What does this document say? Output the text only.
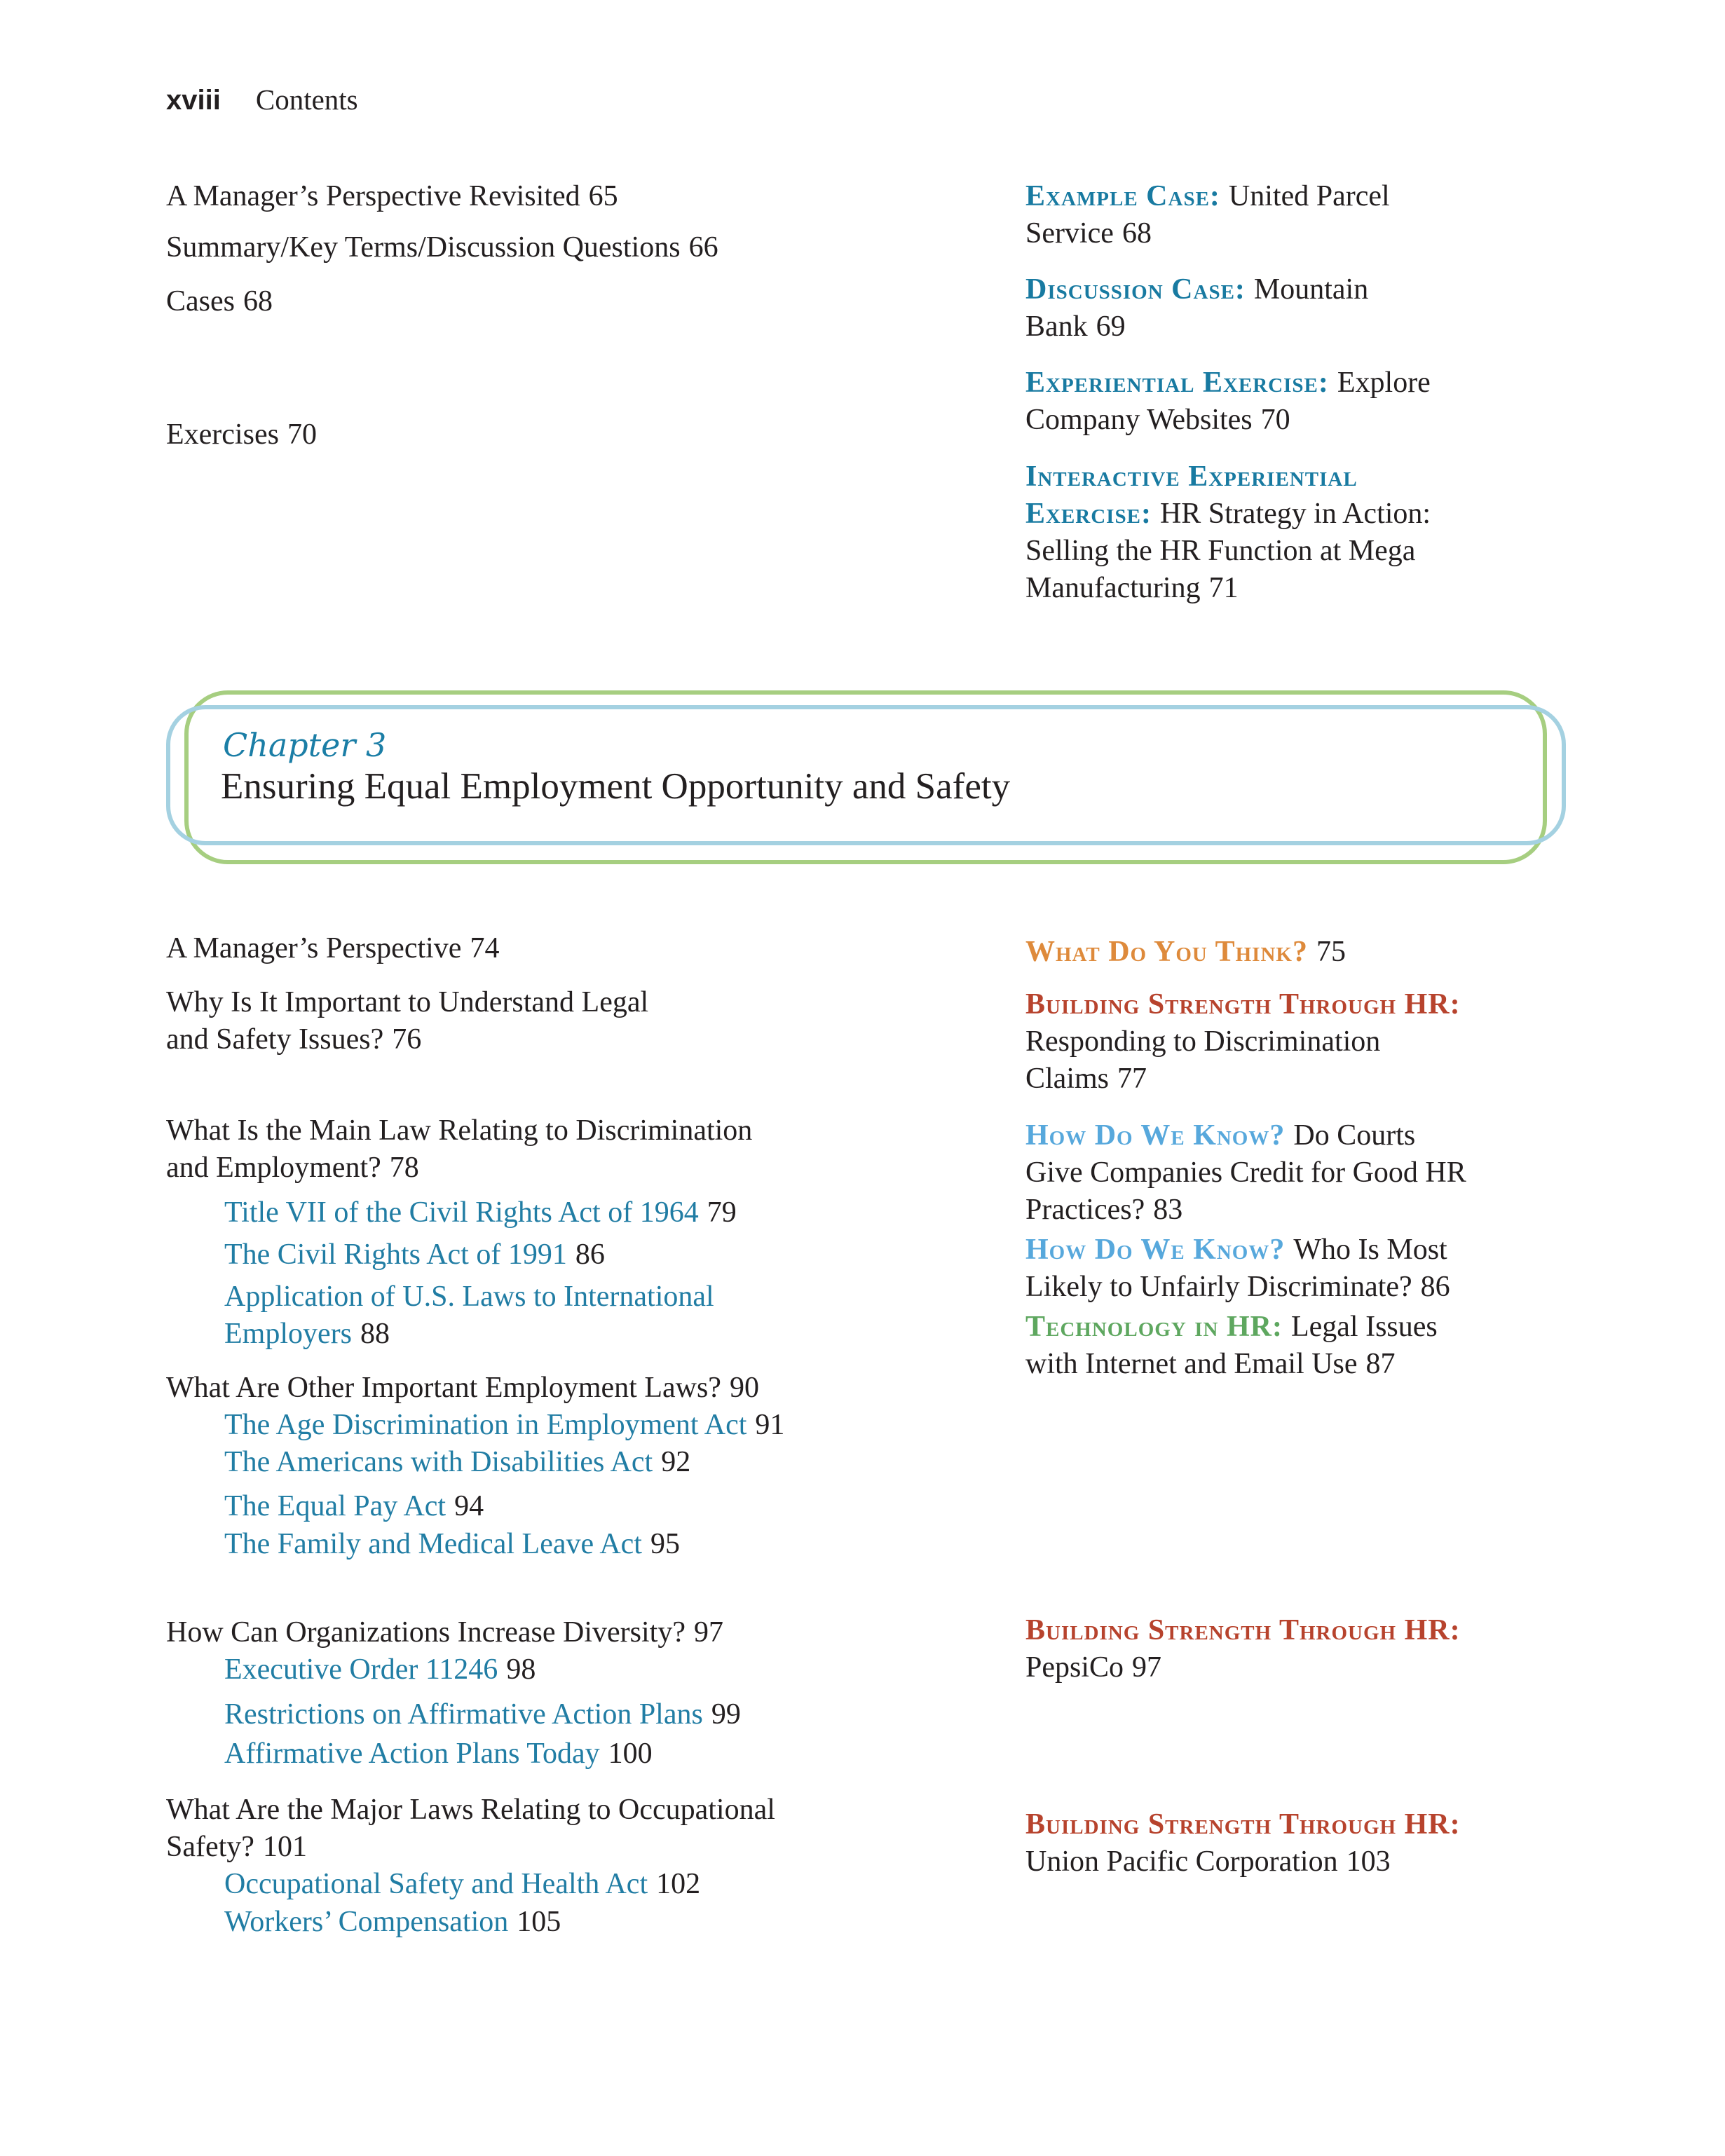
xviii Contents
A Manager’s Perspective Revisited 65
Summary/Key Terms/Discussion Questions 66
Cases 68
Exercises 70
Example Case: United Parcel
Service 68
Discussion Case: Mountain
Bank 69
Experiential Exercise: Explore
Company Websites 70
Interactive Experiential
Exercise: HR Strategy in Action:
Selling the HR Function at Mega
Manufacturing 71
Chapter 3
Ensuring Equal Employment Opportunity and Safety
A Manager’s Perspective 74
Why Is It Important to Understand Legal
and Safety Issues? 76
What Is the Main Law Relating to Discrimination
and Employment? 78
Title VII of the Civil Rights Act of 1964 79
The Civil Rights Act of 1991 86
Application of U.S. Laws to International
Employers 88
What Are Other Important Employment Laws? 90
The Age Discrimination in Employment Act 91
The Americans with Disabilities Act 92
The Equal Pay Act 94
The Family and Medical Leave Act 95
How Can Organizations Increase Diversity? 97
Executive Order 11246 98
Restrictions on Affirmative Action Plans 99
Affirmative Action Plans Today 100
What Are the Major Laws Relating to Occupational
Safety? 101
Occupational Safety and Health Act 102
Workers’ Compensation 105
What Do You Think? 75
Building Strength Through HR:
Responding to Discrimination
Claims 77
How Do We Know? Do Courts
Give Companies Credit for Good HR
Practices? 83
How Do We Know? Who Is Most
Likely to Unfairly Discriminate? 86
Technology in HR: Legal Issues
with Internet and Email Use 87
Building Strength Through HR:
PepsiCo 97
Building Strength Through HR:
Union Pacific Corporation 103
